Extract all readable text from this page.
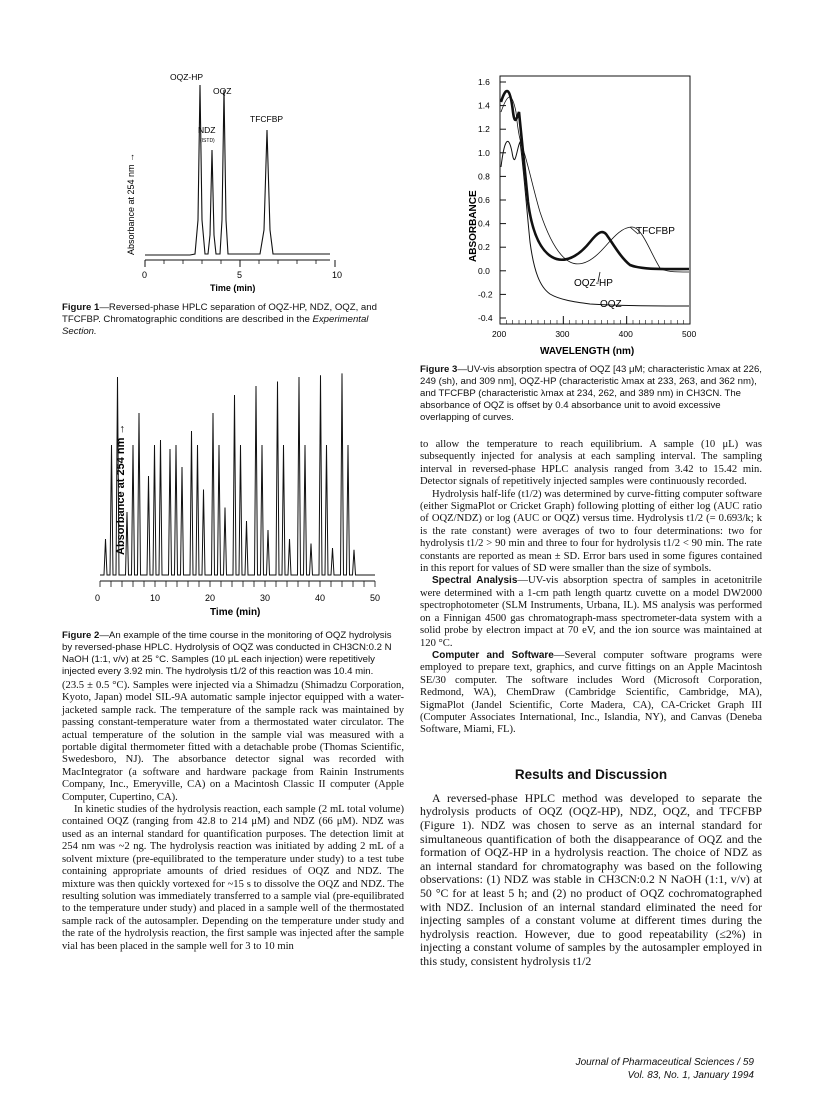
Absorbance at 254 nm →
0	5	10
Time (min)
OQZ-HP
OQZ
NDZ
(ISTD)
TFCFBP
Figure 1—Reversed-phase HPLC separation of OQZ-HP, NDZ, OQZ, and TFCFBP. Chromatographic conditions are described in the Experimental Section.
Absorbance at 254 nm →
0	10	20	30	40	50
Time (min)
Figure 2—An example of the time course in the monitoring of OQZ hydrolysis by reversed-phase HPLC. Hydrolysis of OQZ was conducted in CH3CN:0.2 N NaOH (1:1, v/v) at 25 °C. Samples (10 μL each injection) were repetitively injected every 3.92 min. The hydrolysis t1/2 of this reaction was 10.4 min.
ABSORBANCE
1.6
1.4
1.2
1.0
0.8
0.6
0.4
0.2
0.0
-0.2
-0.4
200	300	400	500
WAVELENGTH (nm)
TFCFBP
OQZ-HP
OQZ
Figure 3—UV-vis absorption spectra of OQZ [43 μM; characteristic λmax at 226, 249 (sh), and 309 nm], OQZ-HP (characteristic λmax at 233, 263, and 362 nm), and TFCFBP (characteristic λmax at 234, 262, and 389 nm) in CH3CN. The absorbance of OQZ is offset by 0.4 absorbance unit to avoid excessive overlapping of curves.

(23.5 ± 0.5 °C). Samples were injected via a Shimadzu (Shimadzu Corporation, Kyoto, Japan) model SIL-9A automatic sample injector equipped with a water-jacketed sample rack. The temperature of the sample rack was maintained by passing constant-temperature water from a thermostated water circulator. The actual temperature of the solution in the sample vial was measured with a portable digital thermometer fitted with a detachable probe (Thomas Scientific, Swedesboro, NJ). The absorbance detector signal was recorded with MacIntegrator (a software and hardware package from Rainin Instruments Company, Inc., Emeryville, CA) on a Macintosh Classic II computer (Apple Computer, Cupertino, CA).

In kinetic studies of the hydrolysis reaction, each sample (2 mL total volume) contained OQZ (ranging from 42.8 to 214 μM) and NDZ (66 μM). NDZ was used as an internal standard for quantification purposes. The detection limit at 254 nm was ~2 ng. The hydrolysis reaction was initiated by adding 2 mL of a solvent mixture (pre-equilibrated to the temperature under study) to a test tube containing appropriate amounts of dried residues of OQZ and NDZ. The mixture was then quickly vortexed for ~15 s to dissolve the OQZ and NDZ. The resulting solution was immediately transferred to a sample vial (pre-equilibrated to the temperature under study) and placed in a sample well of the thermostated sample rack of the autosampler. Depending on the temperature under study and the rate of the hydrolysis reaction, the first sample was injected after the sample vial has been placed in the sample well for 3 to 10 min

to allow the temperature to reach equilibrium. A sample (10 μL) was subsequently injected for analysis at each sampling interval. The sampling interval in reversed-phase HPLC analysis ranged from 3.42 to 15.42 min. Detector signals of repetitively injected samples were continuously recorded.

Hydrolysis half-life (t1/2) was determined by curve-fitting computer software (either SigmaPlot or Cricket Graph) following plotting of either log (AUC ratio of OQZ/NDZ) or log (AUC or OQZ) versus time. Hydrolysis t1/2 (= 0.693/k; k is the rate constant) were averages of two to four determinations: two for hydrolysis t1/2 > 90 min and three to four for hydrolysis t1/2 < 90 min. The rate constants are reported as mean ± SD. Error bars used in some figures contained in this report for values of SD were smaller than the size of symbols.

Spectral Analysis—UV-vis absorption spectra of samples in acetonitrile were determined with a 1-cm path length quartz cuvette on a model DW2000 spectrophotometer (SLM Instruments, Urbana, IL). MS analysis was performed on a Finnigan 4500 gas chromatograph-mass spectrometer-data system with a solid probe by electron impact at 70 eV, and the ion source was maintained at 120 °C.

Computer and Software—Several computer software programs were employed to prepare text, graphics, and curve fittings on an Apple Macintosh SE/30 computer. The software includes Word (Microsoft Corporation, Redmond, WA), ChemDraw (Cambridge Scientific, Cambridge, MA), SigmaPlot (Jandel Scientific, Corte Madera, CA), CA-Cricket Graph III (Computer Associates International, Inc., Islandia, NY), and Canvas (Deneba Software, Miami, FL).

Results and Discussion

A reversed-phase HPLC method was developed to separate the hydrolysis products of OQZ (OQZ-HP), NDZ, OQZ, and TFCFBP (Figure 1). NDZ was chosen to serve as an internal standard for simultaneous quantification of both the disappearance of OQZ and the formation of OQZ-HP in a hydrolysis reaction. The choice of NDZ as an internal standard for chromatography was based on the following observations: (1) NDZ was stable in CH3CN:0.2 N NaOH (1:1, v/v) at 50 °C for at least 5 h; and (2) no product of OQZ cochromatographed with NDZ. Inclusion of an internal standard eliminated the need for injecting samples of a constant volume at different times during the hydrolysis reaction. However, due to good repeatability (≤2%) in injecting a constant volume of samples by the autosampler employed in this study, consistent hydrolysis t1/2

Journal of Pharmaceutical Sciences / 59
Vol. 83, No. 1, January 1994
